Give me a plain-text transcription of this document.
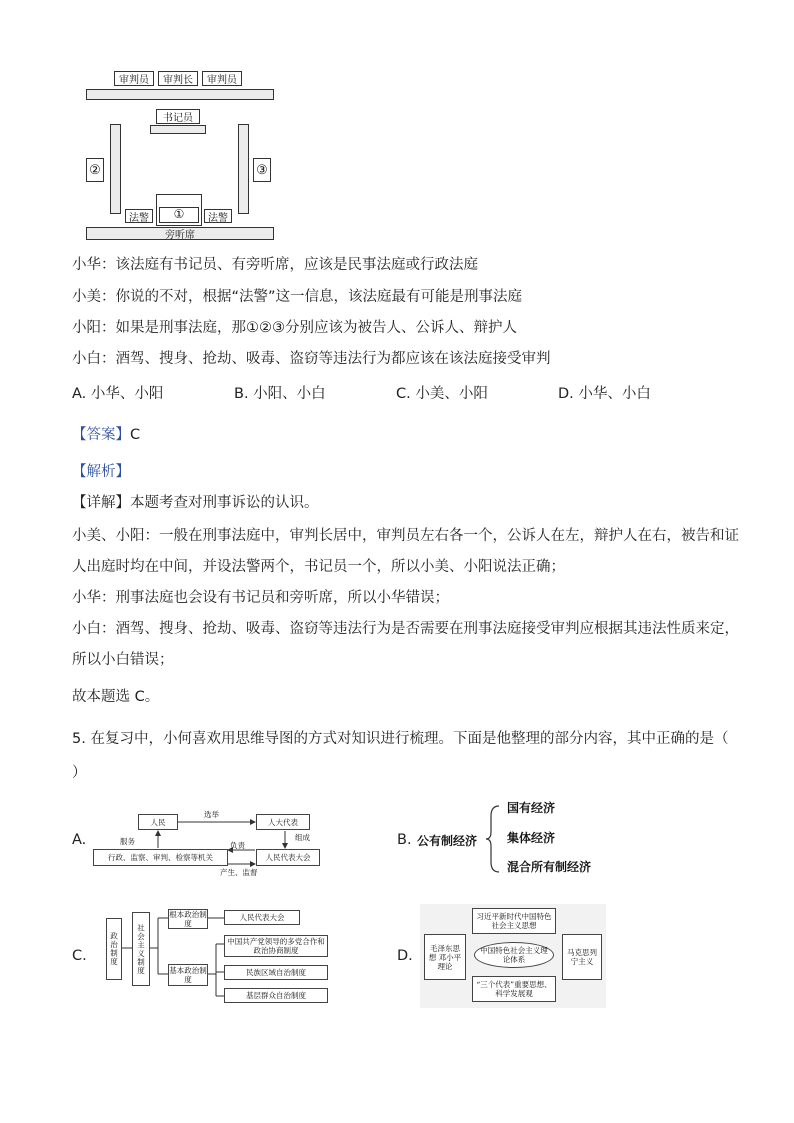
审判员	审判长	审判员
书记员
②	③
①
法警	法警
旁听席
小华：该法庭有书记员、有旁听席，应该是民事法庭或行政法庭
小美：你说的不对，根据“法警”这一信息，该法庭最有可能是刑事法庭
小阳：如果是刑事法庭，那①②③分别应该为被告人、公诉人、辩护人
小白：酒驾、搜身、抢劫、吸毒、盗窃等违法行为都应该在该法庭接受审判
A. 小华、小阳	B. 小阳、小白	C. 小美、小阳	D. 小华、小白
【答案】C
【解析】
【详解】本题考查对刑事诉讼的认识。
小美、小阳：一般在刑事法庭中，审判长居中，审判员左右各一个，公诉人在左，辩护人在右，被告和证
人出庭时均在中间，并设法警两个，书记员一个，所以小美、小阳说法正确；
小华：刑事法庭也会设有书记员和旁听席，所以小华错误；
小白：酒驾、搜身、抢劫、吸毒、盗窃等违法行为是否需要在刑事法庭接受审判应根据其违法性质来定，
所以小白错误；
故本题选 C。
5. 在复习中，小何喜欢用思维导图的方式对知识进行梳理。下面是他整理的部分内容，其中正确的是（
）
A.
人民	人大代表
选举
组成
服务	负责
行政、监察、审判、检察等机关	人民代表大会
产生、监督
B. 公有制经济
国有经济
集体经济
混合所有制经济
C.	政治制度	社会主义制度
根本政治制度
人民代表大会
基本政治制度
中国共产党领导的多党合作和政治协商制度
民族区域自治制度
基层群众自治制度
D.	毛泽东思想 邓小平理论
习近平新时代中国特色社会主义思想
中国特色社会主义理论体系
马克思列宁主义
“三个代表”重要思想、科学发展观
